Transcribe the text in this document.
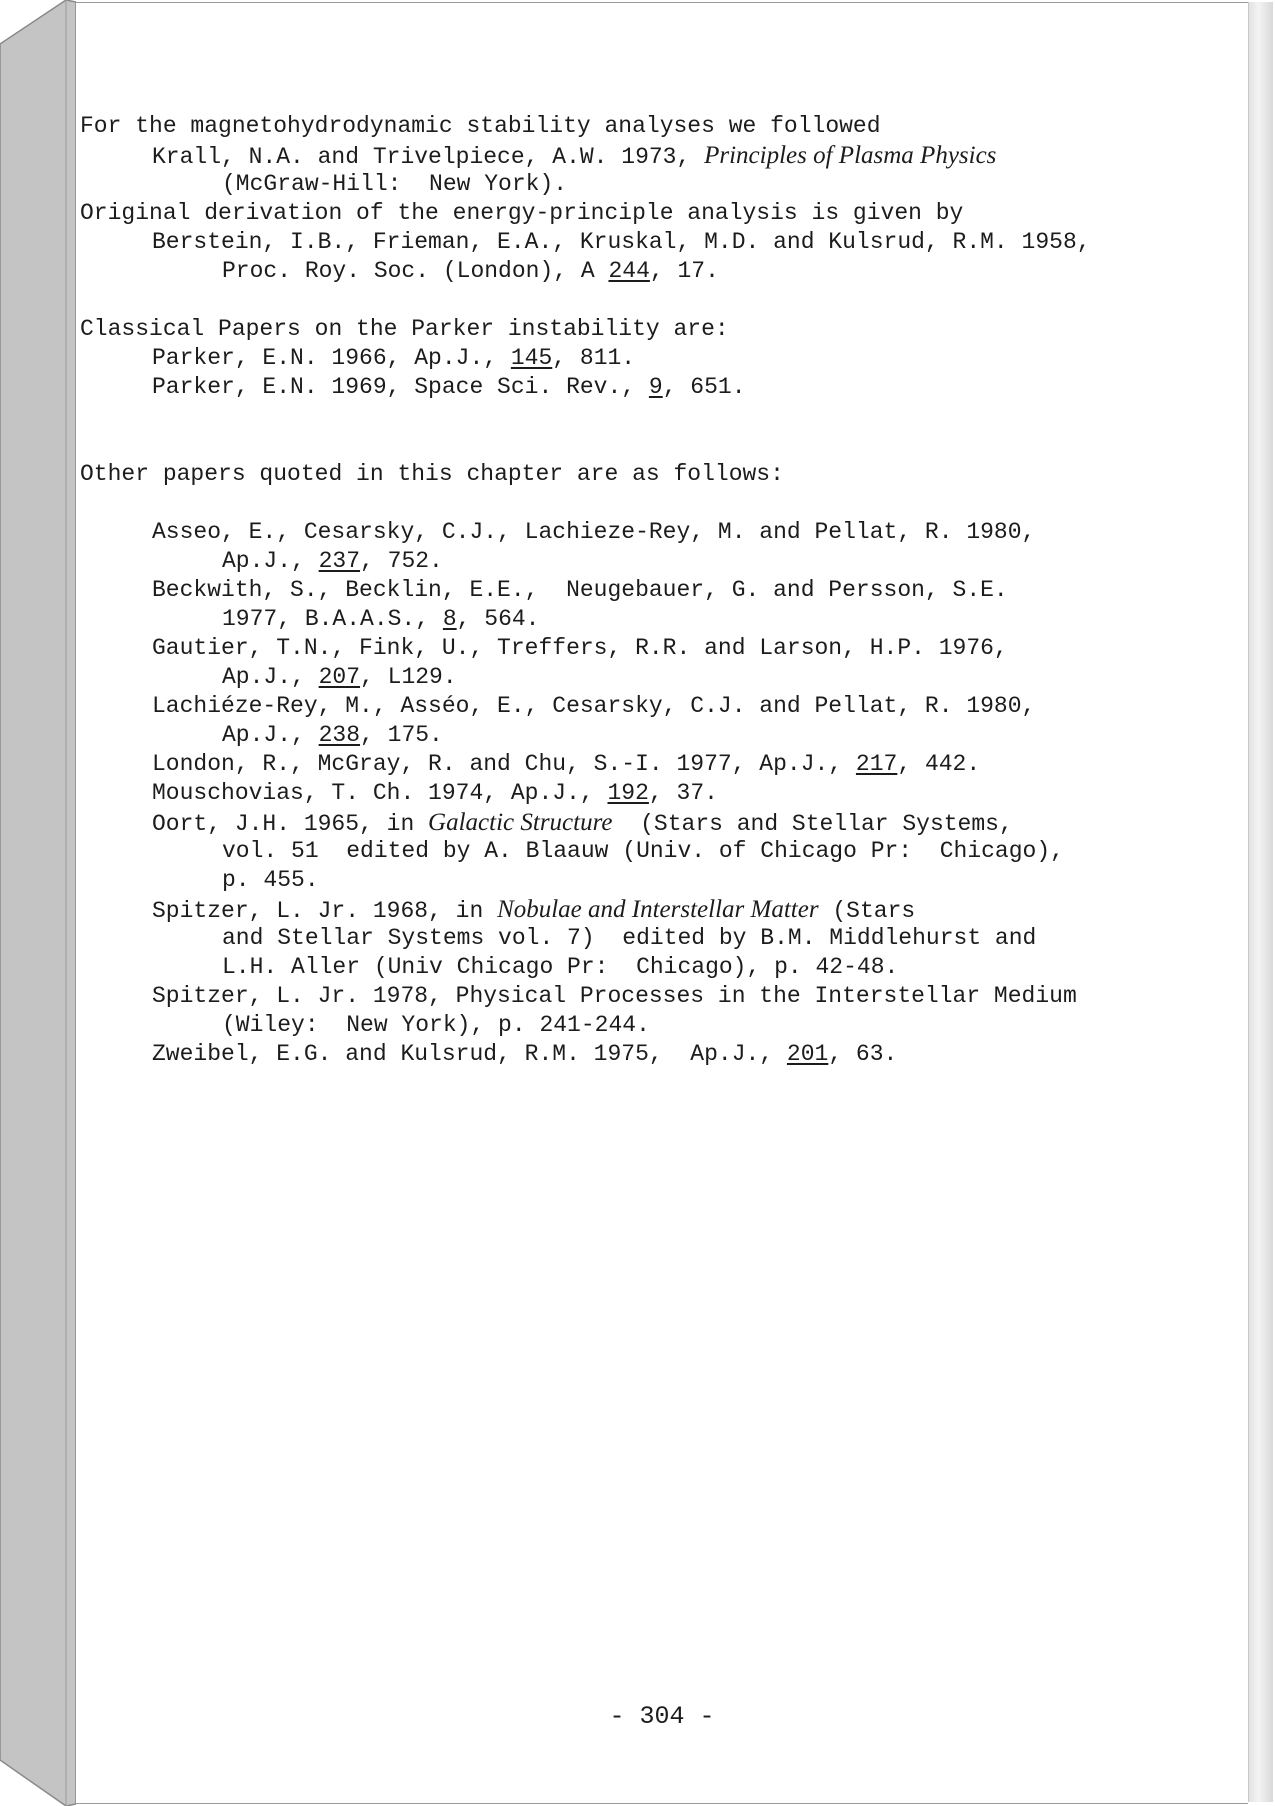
For the magnetohydrodynamic stability analyses we followed
Krall, N.A. and Trivelpiece, A.W. 1973, Principles of Plasma Physics
(McGraw-Hill:  New York).
Original derivation of the energy-principle analysis is given by
Berstein, I.B., Frieman, E.A., Kruskal, M.D. and Kulsrud, R.M. 1958,
Proc. Roy. Soc. (London), A 244, 17.
Classical Papers on the Parker instability are:
Parker, E.N. 1966, Ap.J., 145, 811.
Parker, E.N. 1969, Space Sci. Rev., 9, 651.
Other papers quoted in this chapter are as follows:
Asseo, E., Cesarsky, C.J., Lachieze-Rey, M. and Pellat, R. 1980,
Ap.J., 237, 752.
Beckwith, S., Becklin, E.E.,  Neugebauer, G. and Persson, S.E.
1977, B.A.A.S., 8, 564.
Gautier, T.N., Fink, U., Treffers, R.R. and Larson, H.P. 1976,
Ap.J., 207, L129.
Lachiéze-Rey, M., Asséo, E., Cesarsky, C.J. and Pellat, R. 1980,
Ap.J., 238, 175.
London, R., McGray, R. and Chu, S.-I. 1977, Ap.J., 217, 442.
Mouschovias, T. Ch. 1974, Ap.J., 192, 37.
Oort, J.H. 1965, in Galactic Structure  (Stars and Stellar Systems,
vol. 51  edited by A. Blaauw (Univ. of Chicago Pr:  Chicago),
p. 455.
Spitzer, L. Jr. 1968, in Nobulae and Interstellar Matter (Stars
and Stellar Systems vol. 7)  edited by B.M. Middlehurst and
L.H. Aller (Univ Chicago Pr:  Chicago), p. 42-48.
Spitzer, L. Jr. 1978, Physical Processes in the Interstellar Medium
(Wiley:  New York), p. 241-244.
Zweibel, E.G. and Kulsrud, R.M. 1975,  Ap.J., 201, 63.
- 304 -
